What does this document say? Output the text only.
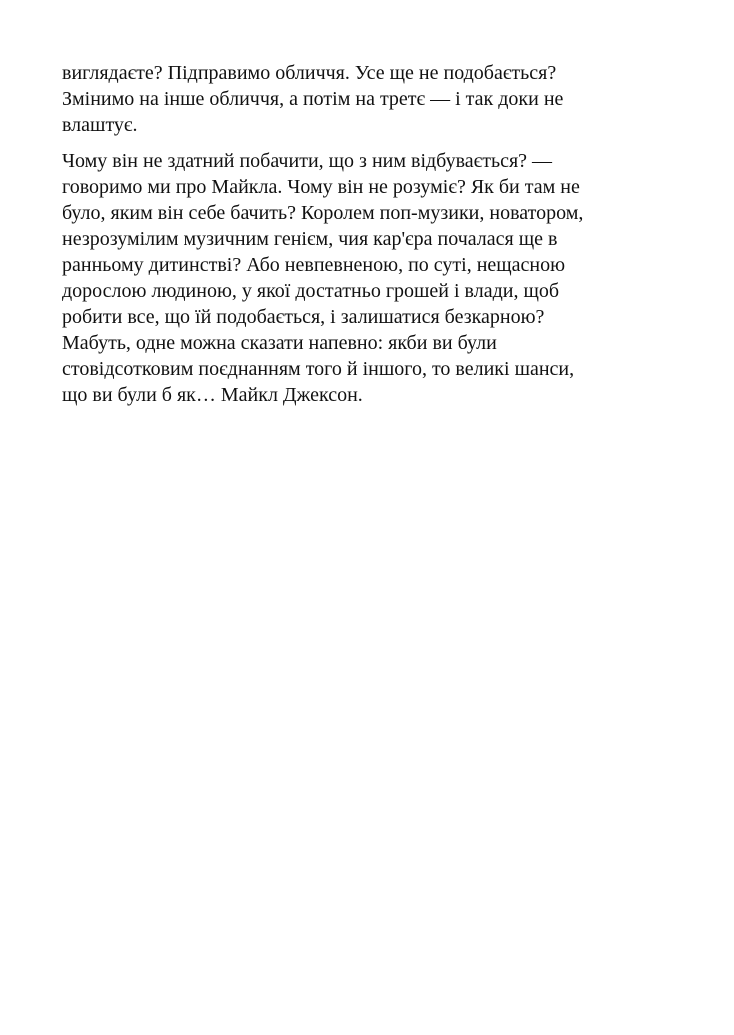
виглядаєте? Підправимо обличчя. Усе ще не подобається?
Змінимо на інше обличчя, а потім на третє — і так доки не
влаштує.

Чому він не здатний побачити, що з ним відбувається? —
говоримо ми про Майкла. Чому він не розуміє? Як би там не
було, яким він себе бачить? Королем поп-музики, новатором,
незрозумілим музичним генієм, чия кар'єра почалася ще в
ранньому дитинстві? Або невпевненою, по суті, нещасною
дорослою людиною, у якої достатньо грошей і влади, щоб
робити все, що їй подобається, і залишатися безкарною?
Мабуть, одне можна сказати напевно: якби ви були
стовідсотковим поєднанням того й іншого, то великі шанси,
що ви були б як… Майкл Джексон.
